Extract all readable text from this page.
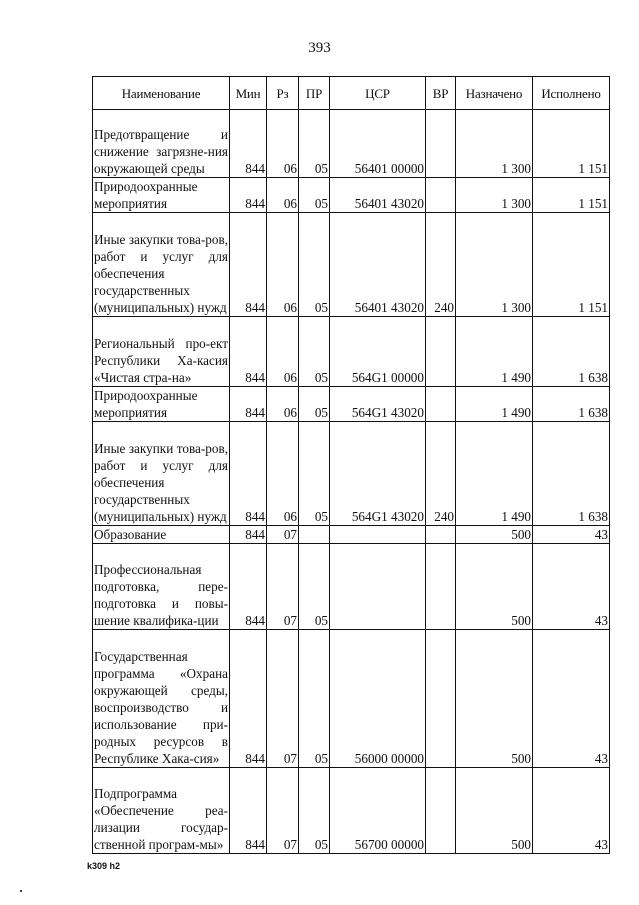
393
Наименование	Мин	Рз	ПР	ЦСР	ВР	Назначено	Исполнено
Предотвращение и снижение загрязне-ния окружающей среды	844	06	05	56401 00000		1 300	1 151
Природоохранные мероприятия	844	06	05	56401 43020		1 300	1 151
Иные закупки това-ров, работ и услуг для обеспечения государственных (муниципальных) нужд	844	06	05	56401 43020	240	1 300	1 151
Региональный про-ект Республики Ха-касия «Чистая стра-на»	844	06	05	564G1 00000		1 490	1 638
Природоохранные мероприятия	844	06	05	564G1 43020		1 490	1 638
Иные закупки това-ров, работ и услуг для обеспечения государственных (муниципальных) нужд	844	06	05	564G1 43020	240	1 490	1 638
Образование	844	07				500	43
Профессиональная подготовка, пере-подготовка и повы-шение квалифика-ции	844	07	05			500	43
Государственная программа «Охрана окружающей среды, воспроизводство и использование при-родных ресурсов в Республике Хака-сия»	844	07	05	56000 00000		500	43
Подпрограмма «Обеспечение реа-лизации государ-ственной програм-мы»	844	07	05	56700 00000		500	43
k309 h2
